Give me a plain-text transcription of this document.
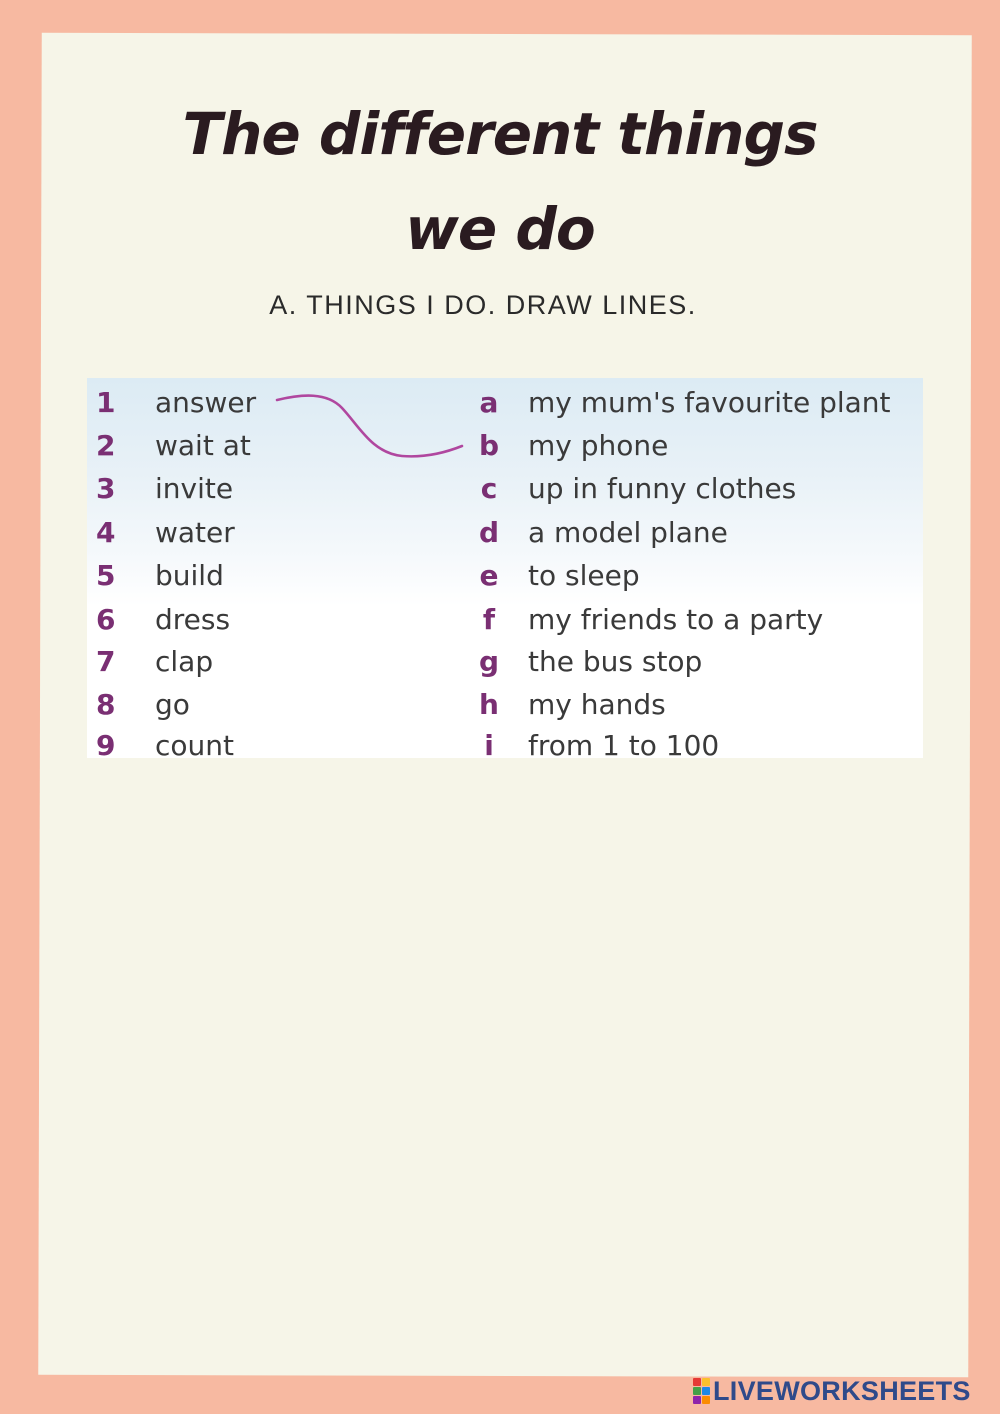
The different things
we do
A. THINGS I DO. DRAW LINES.
1	answer	a my mum's favourite plant
2	wait at	b my phone
3	invite	c up in funny clothes
4	water	d a model plane
5	build	e to sleep
6	dress	f my friends to a party
7	clap	g the bus stop
8	go	h my hands
9	count	i from 1 to 100
LIVEWORKSHEETS
